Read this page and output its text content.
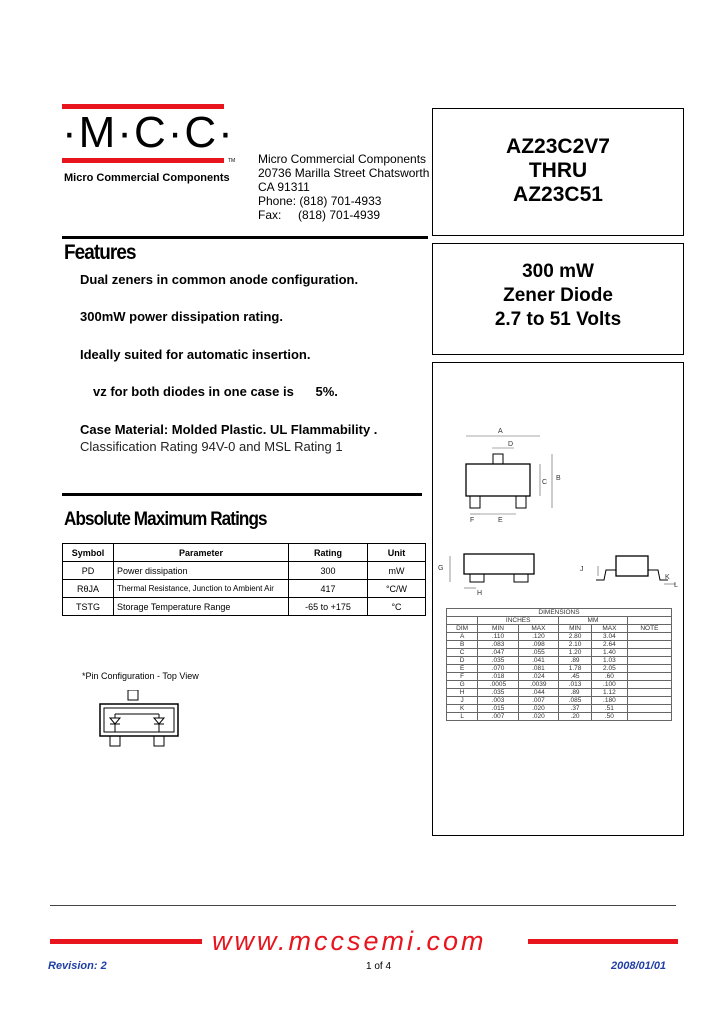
·M·C·C·
TM
Micro Commercial Components
Micro Commercial Components
20736 Marilla Street Chatsworth
CA 91311
Phone: (818) 701-4933
Fax:     (818) 701-4939
AZ23C2V7
THRU
AZ23C51
300 mW
Zener Diode
2.7 to 51 Volts
Features
Dual zeners in common anode configuration.
300mW power dissipation rating.
Ideally suited for automatic insertion.
vz for both diodes in one case is      5%.
Case Material: Molded Plastic. UL Flammability .
Classification Rating 94V-0 and MSL Rating 1
Absolute Maximum Ratings
Symbol	Parameter	Rating	Unit
PD	Power dissipation	300	mW
RθJA	Thermal Resistance, Junction to Ambient Air	417	°C/W
TSTG	Storage Temperature Range	-65 to +175	°C
*Pin Configuration - Top View
A
D
C
B
F	E
G
H
J
K
L
DIMENSIONS					
	INCHES		MM		
DIM	MIN	MAX	MIN	MAX	NOTE
A	.110	.120	2.80	3.04	
B	.083	.098	2.10	2.64	
C	.047	.055	1.20	1.40	
D	.035	.041	.89	1.03	
E	.070	.081	1.78	2.05	
F	.018	.024	.45	.60	
G	.0005	.0039	.013	.100	
H	.035	.044	.89	1.12	
J	.003	.007	.085	.180	
K	.015	.020	.37	.51	
L	.007	.020	.20	.50	
www.mccsemi.com
Revision: 2	1 of 4	2008/01/01
